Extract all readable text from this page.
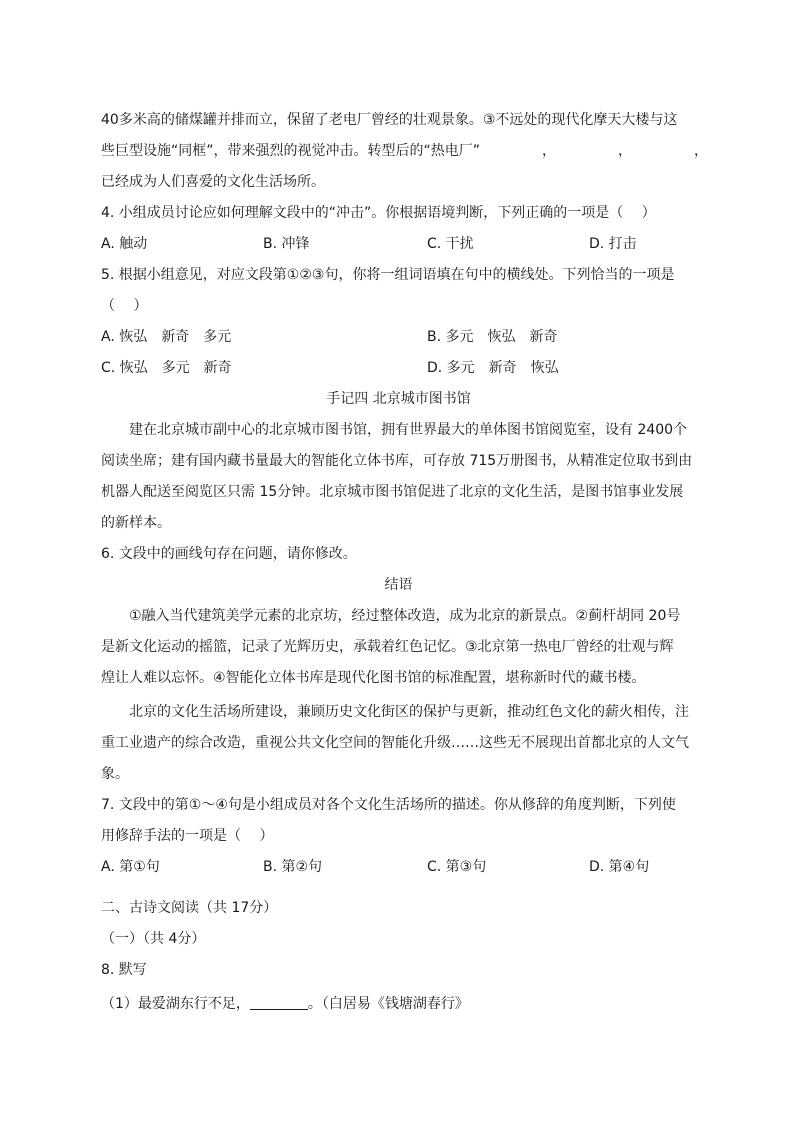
40多米高的储煤罐并排而立，保留了老电厂曾经的壮观景象。③不远处的现代化摩天大楼与这
些巨型设施“同框”，带来强烈的视觉冲击。转型后的“热电厂”	，	，	，
已经成为人们喜爱的文化生活场所。
4. 小组成员讨论应如何理解文段中的“冲击”。你根据语境判断，下列正确的一项是（　 ）
A. 触动	B. 冲锋	C. 干扰	D. 打击
5. 根据小组意见，对应文段第①②③句，你将一组词语填在句中的横线处。下列恰当的一项是
（　 ）
A. 恢弘　新奇　多元	B. 多元　恢弘　新奇
C. 恢弘　多元　新奇	D. 多元　新奇　恢弘
手记四 北京城市图书馆
建在北京城市副中心的北京城市图书馆，拥有世界最大的单体图书馆阅览室，设有 2400个
阅读坐席；建有国内藏书量最大的智能化立体书库，可存放 715万册图书，从精准定位取书到由
机器人配送至阅览区只需 15分钟。北京城市图书馆促进了北京的文化生活，是图书馆事业发展
的新样本。
6. 文段中的画线句存在问题，请你修改。
结语
①融入当代建筑美学元素的北京坊，经过整体改造，成为北京的新景点。②蓟杆胡同 20号
是新文化运动的摇篮，记录了光辉历史，承载着红色记忆。③北京第一热电厂曾经的壮观与辉
煌让人难以忘怀。④智能化立体书库是现代化图书馆的标准配置，堪称新时代的藏书楼。
北京的文化生活场所建设，兼顾历史文化街区的保护与更新，推动红色文化的薪火相传，注
重工业遗产的综合改造，重视公共文化空间的智能化升级……这些无不展现出首都北京的人文气
象。
7. 文段中的第①～④句是小组成员对各个文化生活场所的描述。你从修辞的角度判断，下列使
用修辞手法的一项是（　 ）
A. 第①句	B. 第②句	C. 第③句	D. 第④句
二、古诗文阅读（共 17分）
（一）（共 4分）
8. 默写
（1）最爱湖东行不足，	。（白居易《钱塘湖春行》
